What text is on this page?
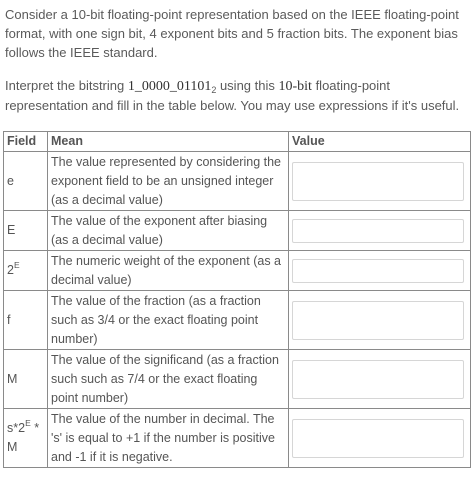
Consider a 10-bit floating-point representation based on the IEEE floating-point format, with one sign bit, 4 exponent bits and 5 fraction bits. The exponent bias follows the IEEE standard.

Interpret the bitstring $1\_0000\_01101_2$ using this 10-bit floating-point representation and fill in the table below. You may use expressions if it's useful.

Field	Mean	Value
e	The value represented by considering the exponent field to be an unsigned integer (as a decimal value)	

E	The value of the exponent after biasing (as a decimal value)	

$2^E$	The numeric weight of the exponent (as a decimal value)	

f	The value of the fraction (as a fraction such as 3/4 or the exact floating point number)	

M	The value of the significand (as a fraction such such as 7/4 or the exact floating point number)	

$s*2^E$ * M	The value of the number in decimal. The 's' is equal to +1 if the number is positive and -1 if it is negative.	
